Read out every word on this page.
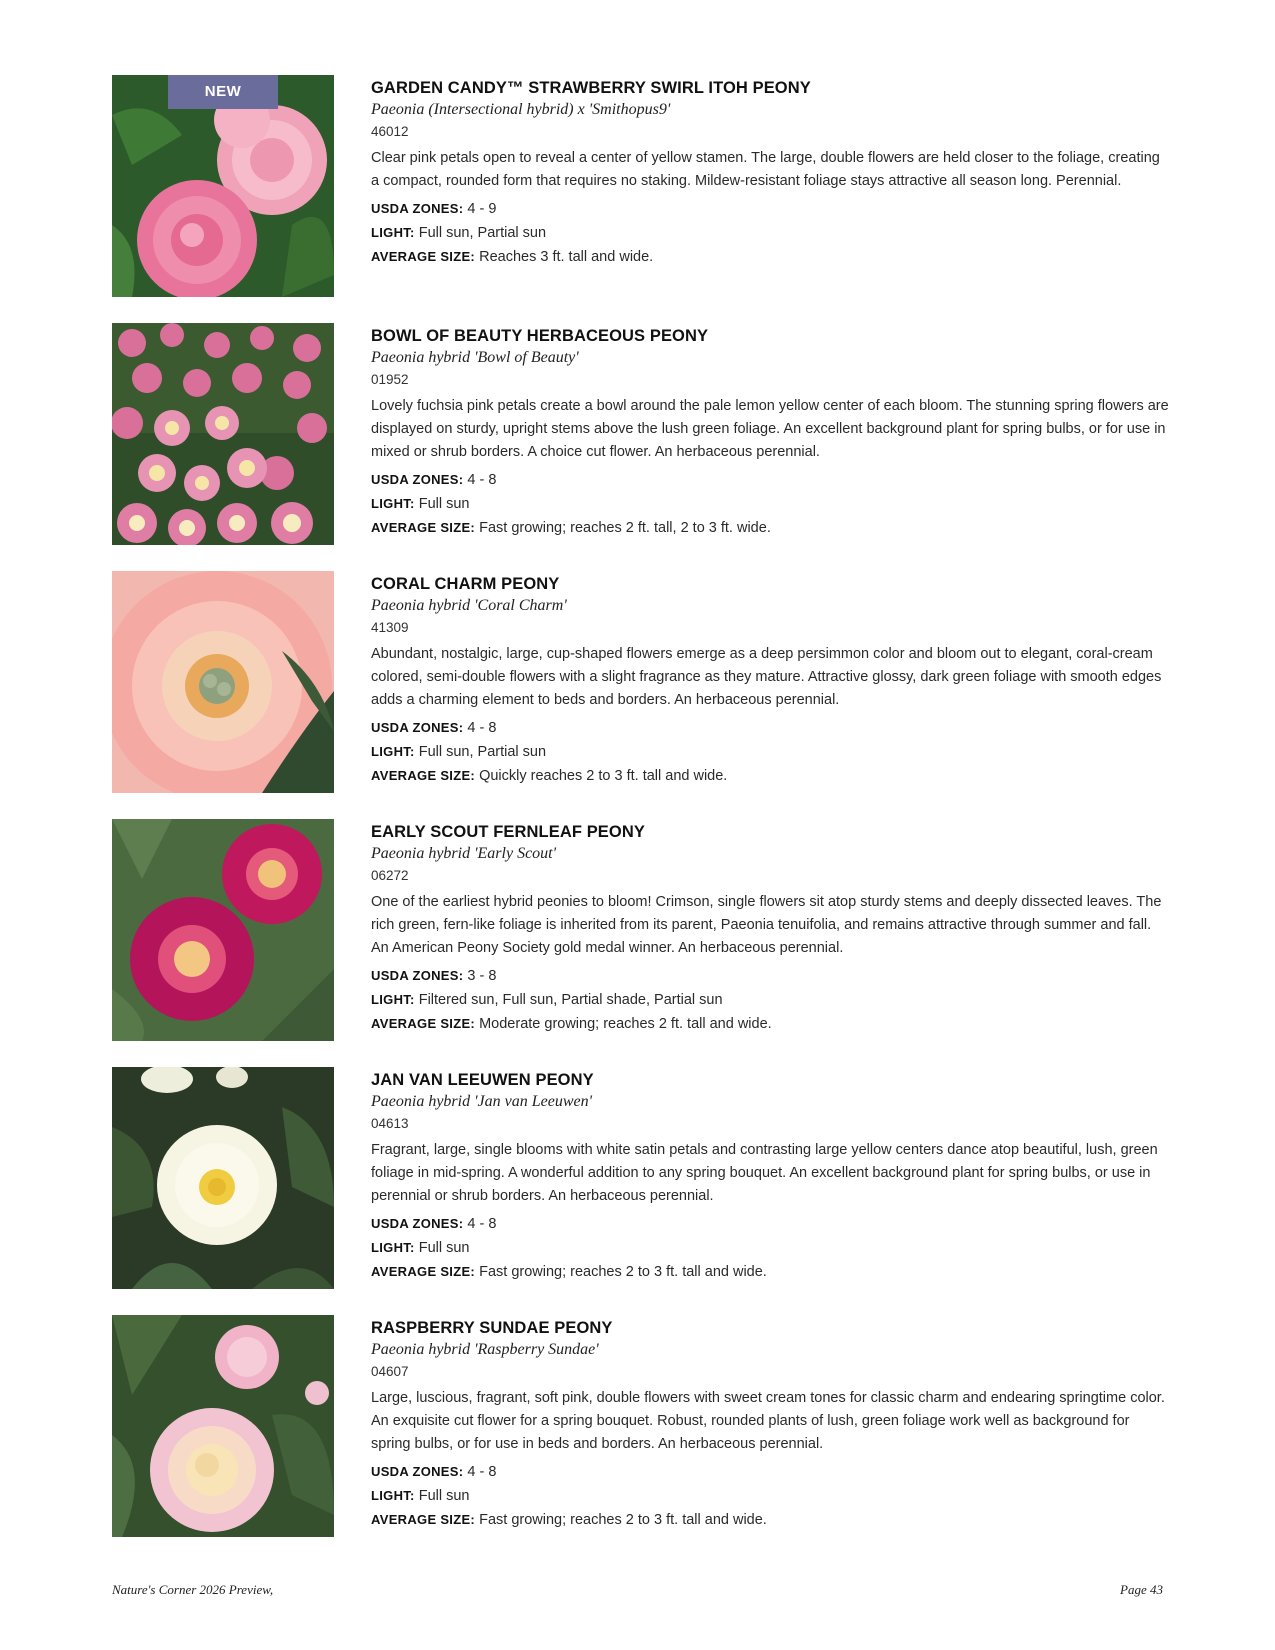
NEW	GARDEN CANDY™ STRAWBERRY SWIRL ITOH PEONY

Paeonia (Intersectional hybrid) x 'Smithopus9'

46012

Clear pink petals open to reveal a center of yellow stamen. The large, double flowers are held closer to the foliage, creating a compact, rounded form that requires no staking. Mildew-resistant foliage stays attractive all season long. Perennial.

USDA ZONES: 4 - 9

LIGHT: Full sun, Partial sun

AVERAGE SIZE: Reaches 3 ft. tall and wide.

BOWL OF BEAUTY HERBACEOUS PEONY

Paeonia hybrid 'Bowl of Beauty'

01952

Lovely fuchsia pink petals create a bowl around the pale lemon yellow center of each bloom. The stunning spring flowers are displayed on sturdy, upright stems above the lush green foliage. An excellent background plant for spring bulbs, or for use in mixed or shrub borders. A choice cut flower. An herbaceous perennial.

USDA ZONES: 4 - 8

LIGHT: Full sun

AVERAGE SIZE: Fast growing; reaches 2 ft. tall, 2 to 3 ft. wide.

CORAL CHARM PEONY

Paeonia hybrid 'Coral Charm'

41309

Abundant, nostalgic, large, cup-shaped flowers emerge as a deep persimmon color and bloom out to elegant, coral-cream colored, semi-double flowers with a slight fragrance as they mature. Attractive glossy, dark green foliage with smooth edges adds a charming element to beds and borders. An herbaceous perennial.

USDA ZONES: 4 - 8

LIGHT: Full sun, Partial sun

AVERAGE SIZE: Quickly reaches 2 to 3 ft. tall and wide.

EARLY SCOUT FERNLEAF PEONY

Paeonia hybrid 'Early Scout'

06272

One of the earliest hybrid peonies to bloom! Crimson, single flowers sit atop sturdy stems and deeply dissected leaves. The rich green, fern-like foliage is inherited from its parent, Paeonia tenuifolia, and remains attractive through summer and fall. An American Peony Society gold medal winner. An herbaceous perennial.

USDA ZONES: 3 - 8

LIGHT: Filtered sun, Full sun, Partial shade, Partial sun

AVERAGE SIZE: Moderate growing; reaches 2 ft. tall and wide.

JAN VAN LEEUWEN PEONY

Paeonia hybrid 'Jan van Leeuwen'

04613

Fragrant, large, single blooms with white satin petals and contrasting large yellow centers dance atop beautiful, lush, green foliage in mid-spring. A wonderful addition to any spring bouquet. An excellent background plant for spring bulbs, or use in perennial or shrub borders. An herbaceous perennial.

USDA ZONES: 4 - 8

LIGHT: Full sun

AVERAGE SIZE: Fast growing; reaches 2 to 3 ft. tall and wide.

RASPBERRY SUNDAE PEONY

Paeonia hybrid 'Raspberry Sundae'

04607

Large, luscious, fragrant, soft pink, double flowers with sweet cream tones for classic charm and endearing springtime color. An exquisite cut flower for a spring bouquet. Robust, rounded plants of lush, green foliage work well as background for spring bulbs, or for use in beds and borders. An herbaceous perennial.

USDA ZONES: 4 - 8

LIGHT: Full sun

AVERAGE SIZE: Fast growing; reaches 2 to 3 ft. tall and wide.

Nature's Corner 2026 Preview,	Page 43
